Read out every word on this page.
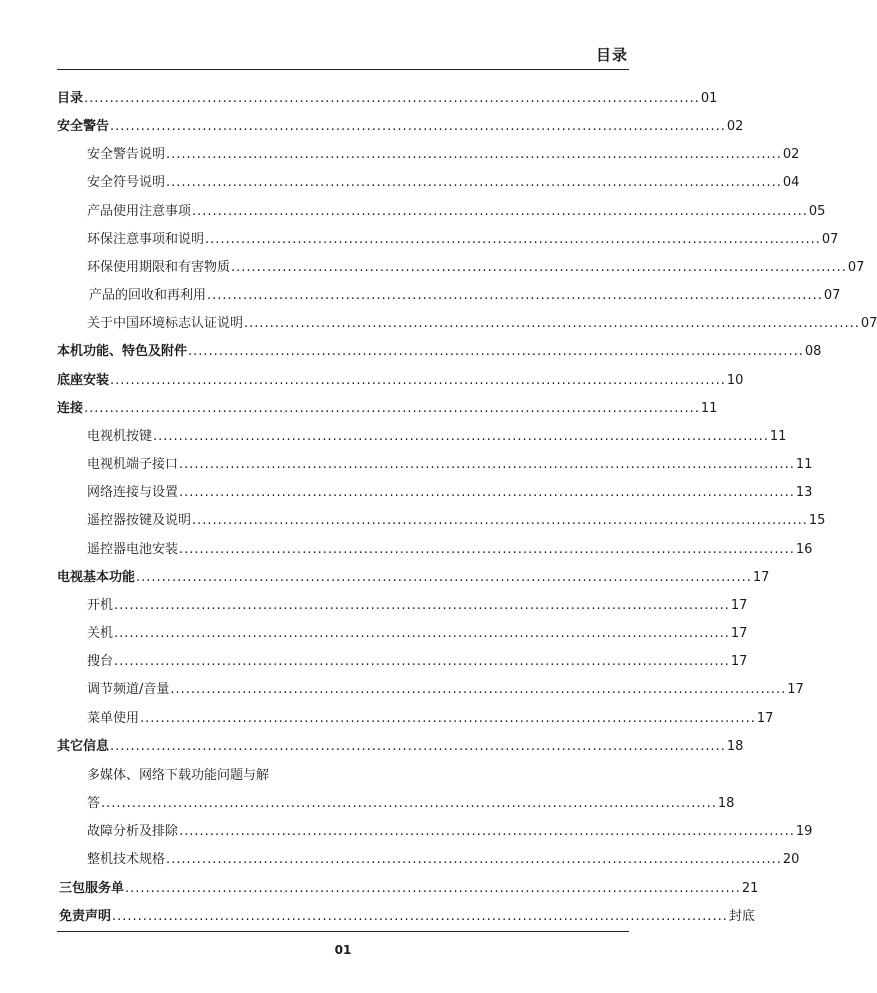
目录
目录 ........................................................................................................................ 01
安全警告 ........................................................................................................................ 02
安全警告说明 ........................................................................................................................ 02
安全符号说明 ........................................................................................................................ 04
产品使用注意事项 ........................................................................................................................ 05
环保注意事项和说明 ........................................................................................................................ 07
环保使用期限和有害物质 ........................................................................................................................ 07
产品的回收和再利用 ........................................................................................................................ 07
关于中国环境标志认证说明 ........................................................................................................................ 07
本机功能、特色及附件 ........................................................................................................................ 08
底座安装 ........................................................................................................................ 10
连接 ........................................................................................................................ 11
电视机按键 ........................................................................................................................ 11
电视机端子接口 ........................................................................................................................ 11
网络连接与设置 ........................................................................................................................ 13
遥控器按键及说明 ........................................................................................................................ 15
遥控器电池安装 ........................................................................................................................ 16
电视基本功能 ........................................................................................................................ 17
开机 ........................................................................................................................ 17
关机 ........................................................................................................................ 17
搜台 ........................................................................................................................ 17
调节频道/音量 ........................................................................................................................ 17
菜单使用 ........................................................................................................................ 17
其它信息 ........................................................................................................................ 18
多媒体、网络下载功能问题与解
答 ........................................................................................................................ 18
故障分析及排除 ........................................................................................................................ 19
整机技术规格 ........................................................................................................................ 20
三包服务单 ........................................................................................................................ 21
免责声明 ........................................................................................................................ 封底
01
